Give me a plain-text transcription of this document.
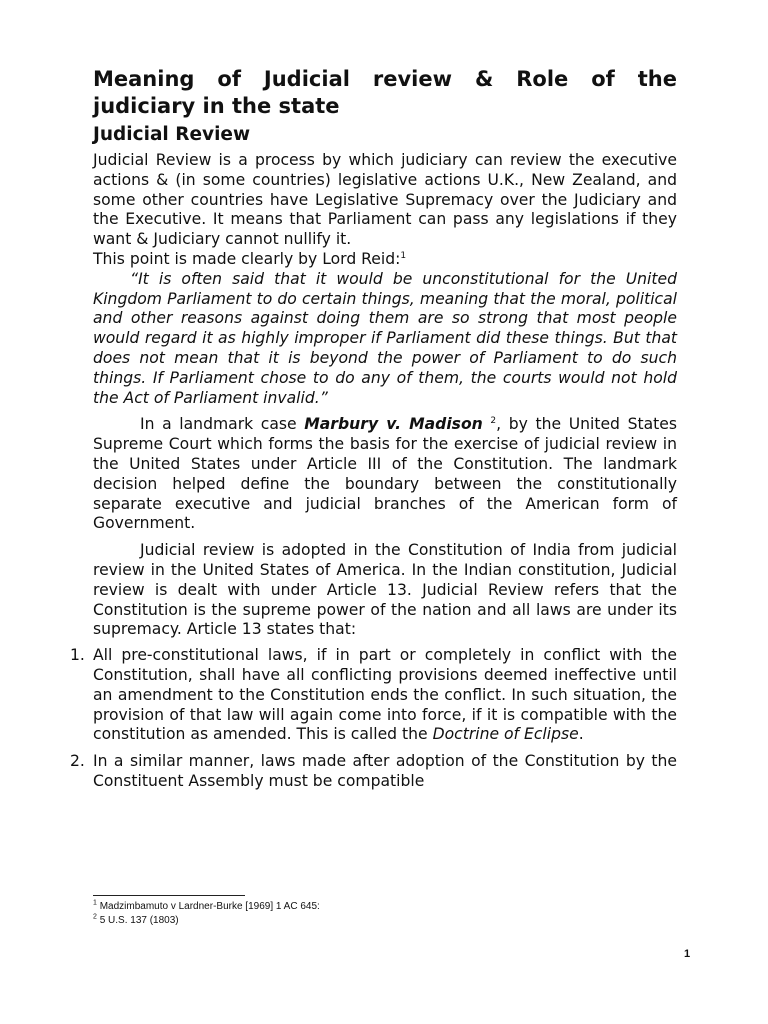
Meaning of Judicial review & Role of the judiciary in the state
Judicial Review

Judicial Review is a process by which judiciary can review the executive actions & (in some countries) legislative actions U.K., New Zealand, and some other countries have Legislative Supremacy over the Judiciary and the Executive. It means that Parliament can pass any legislations if they want & Judiciary cannot nullify it.

This point is made clearly by Lord Reid:$^1$

“It is often said that it would be unconstitutional for the United Kingdom Parliament to do certain things, meaning that the moral, political and other reasons against doing them are so strong that most people would regard it as highly improper if Parliament did these things. But that does not mean that it is beyond the power of Parliament to do such things. If Parliament chose to do any of them, the courts would not hold the Act of Parliament invalid.”

In a landmark case Marbury v. Madison $^2$, by the United States Supreme Court which forms the basis for the exercise of judicial review in the United States under Article III of the Constitution. The landmark decision helped define the boundary between the constitutionally separate executive and judicial branches of the American form of Government.

Judicial review is adopted in the Constitution of India from judicial review in the United States of America. In the Indian constitution, Judicial review is dealt with under Article 13. Judicial Review refers that the Constitution is the supreme power of the nation and all laws are under its supremacy. Article 13 states that:

1. All pre-constitutional laws, if in part or completely in conflict with the Constitution, shall have all conflicting provisions deemed ineffective until an amendment to the Constitution ends the conflict. In such situation, the provision of that law will again come into force, if it is compatible with the constitution as amended. This is called the Doctrine of Eclipse.
2. In a similar manner, laws made after adoption of the Constitution by the Constituent Assembly must be compatible
$^1$ Madzimbamuto v Lardner-Burke [1969] 1 AC 645:
$^2$ 5 U.S. 137 (1803)
1
